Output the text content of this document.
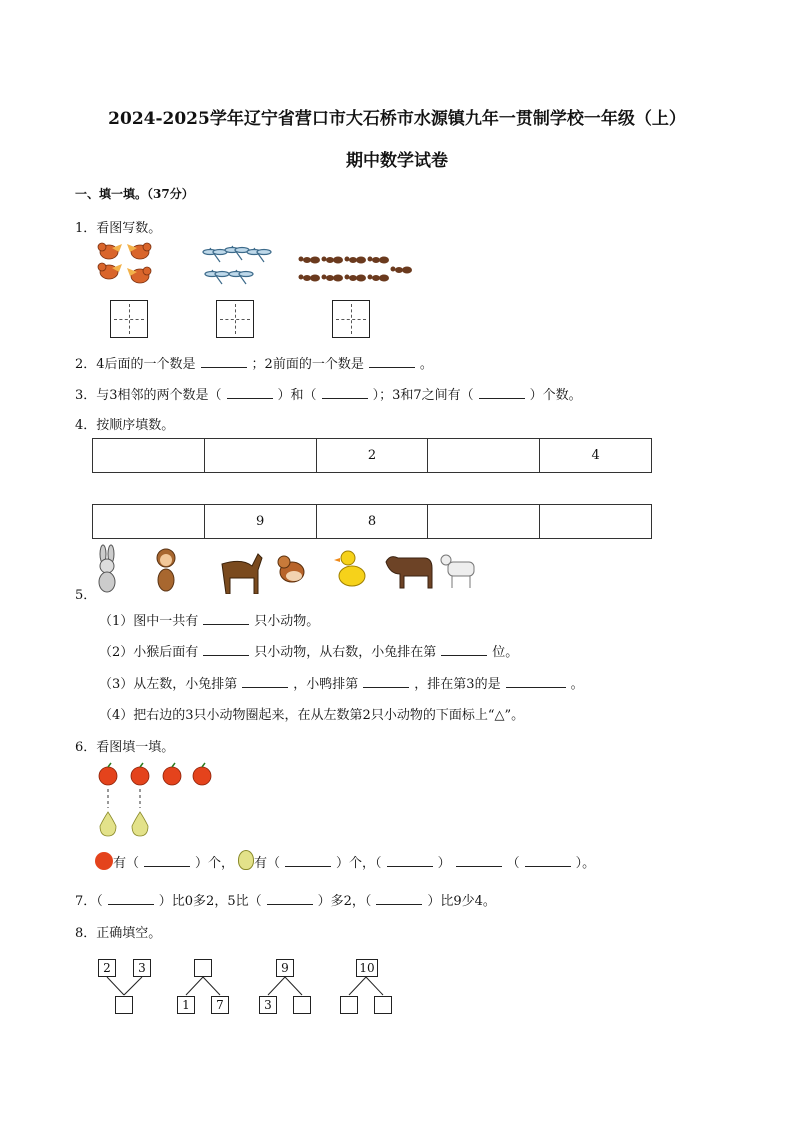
2024-2025学年辽宁省营口市大石桥市水源镇九年一贯制学校一年级（上）
期中数学试卷
一、填一填。（37分）
1．看图写数。
2．4后面的一个数是	；2前面的一个数是	。
3．与3相邻的两个数是（	）和（	）；3和7之间有（	）个数。
4．按顺序填数。
		2		4
	9	8		
5．
（1）图中一共有	只小动物。
（2）小猴后面有	只小动物，从右数，小兔排在第	位。
（3）从左数，小兔排第	，小鸭排第	，排在第3的是	。
（4）把右边的3只小动物圈起来，在从左数第2只小动物的下面标上“△”。
6．看图填一填。
有（	）个， 有（	）个，（	）	（	）。
7．（	）比0多2，5比（	）多2，（	）比9少4。
8．正确填空。
2	3
1	7
9
3
10
